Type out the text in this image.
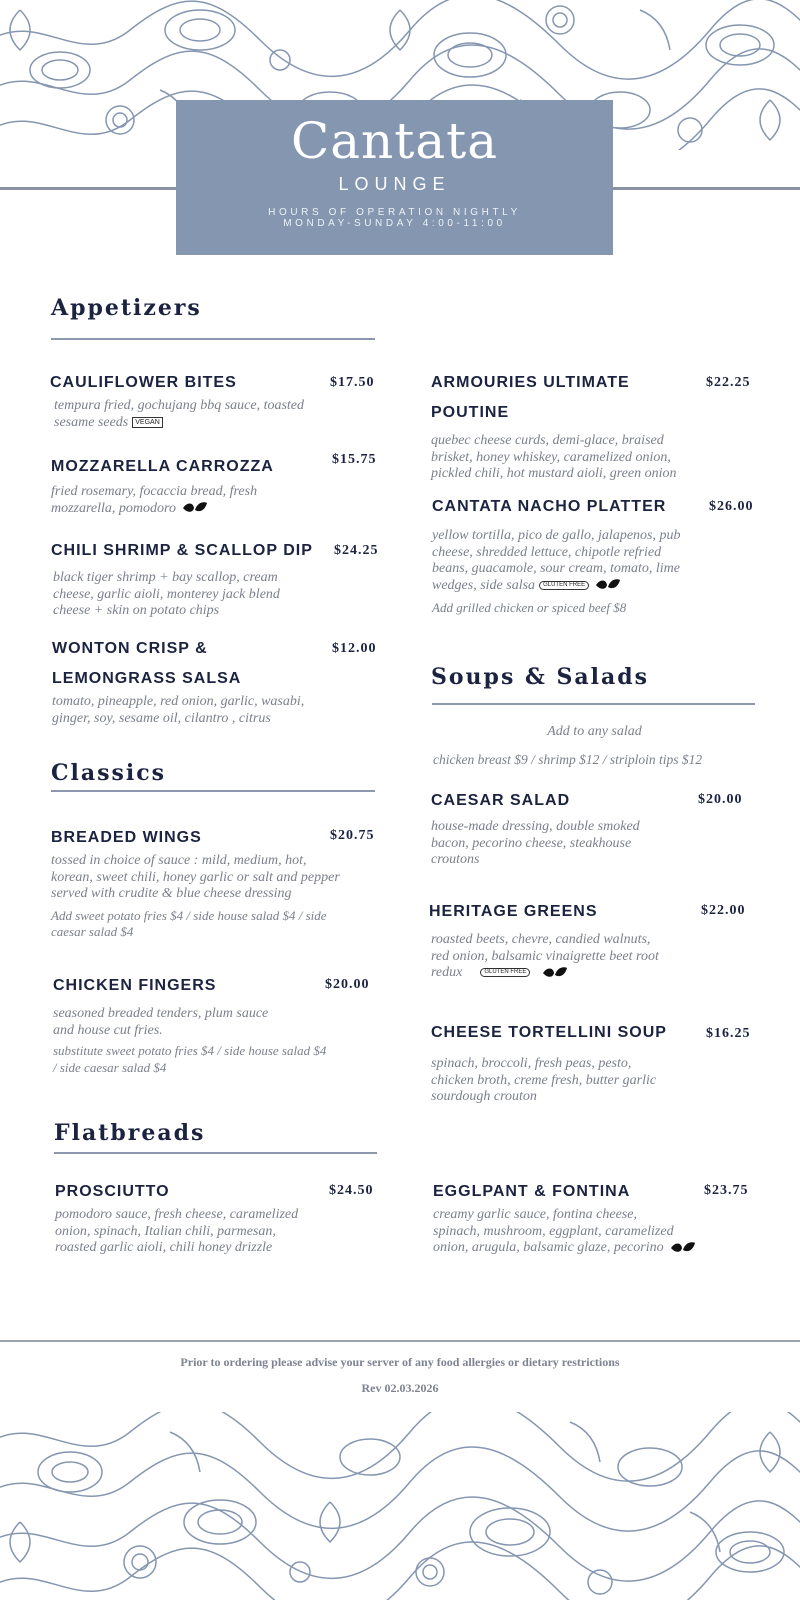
Cantata
LOUNGE
HOURS OF OPERATION NIGHTLY
MONDAY-SUNDAY 4:00-11:00
Appetizers
CAULIFLOWER BITES	$17.50
tempura fried, gochujang bbq sauce, toasted
sesame seeds VEGAN
MOZZARELLA CARROZZA	$15.75
fried rosemary, focaccia bread, fresh
mozzarella, pomodoro
CHILI SHRIMP & SCALLOP DIP	$24.25
black tiger shrimp + bay scallop, cream
cheese, garlic aioli, monterey jack blend
cheese + skin on potato chips
WONTON CRISP &
LEMONGRASS SALSA
$12.00
tomato, pineapple, red onion, garlic, wasabi,
ginger, soy, sesame oil, cilantro , citrus
Classics
BREADED WINGS	$20.75
tossed in choice of sauce : mild, medium, hot,
korean, sweet chili, honey garlic or salt and pepper
served with crudite & blue cheese dressing
Add sweet potato fries $4 / side house salad $4 / side
caesar salad $4
CHICKEN FINGERS	$20.00
seasoned breaded tenders, plum sauce
and house cut fries.
substitute sweet potato fries $4 / side house salad $4
/ side caesar salad $4
Flatbreads
PROSCIUTTO	$24.50
pomodoro sauce, fresh cheese, caramelized
onion, spinach, Italian chili, parmesan,
roasted garlic aioli, chili honey drizzle
ARMOURIES ULTIMATE
POUTINE
$22.25
quebec cheese curds, demi-glace, braised
brisket, honey whiskey, caramelized onion,
pickled chili, hot mustard aioli, green onion
CANTATA NACHO PLATTER	$26.00
yellow tortilla, pico de gallo, jalapenos, pub
cheese, shredded lettuce, chipotle refried
beans, guacamole, sour cream, tomato, lime
wedges, side salsa GLUTEN FREE
Add grilled chicken or spiced beef $8
Soups & Salads
Add to any salad
chicken breast $9 / shrimp $12 / striploin tips $12
CAESAR SALAD	$20.00
house-made dressing, double smoked
bacon, pecorino cheese, steakhouse
croutons
HERITAGE GREENS	$22.00
roasted beets, chevre, candied walnuts,
red onion, balsamic vinaigrette beet root
redux	GLUTEN FREE
CHEESE TORTELLINI SOUP	$16.25
spinach, broccoli, fresh peas, pesto,
chicken broth, creme fresh, butter garlic
sourdough crouton
EGGLPANT & FONTINA	$23.75
creamy garlic sauce, fontina cheese,
spinach, mushroom, eggplant, caramelized
onion, arugula, balsamic glaze, pecorino
Prior to ordering please advise your server of any food allergies or dietary restrictions
Rev 02.03.2026
